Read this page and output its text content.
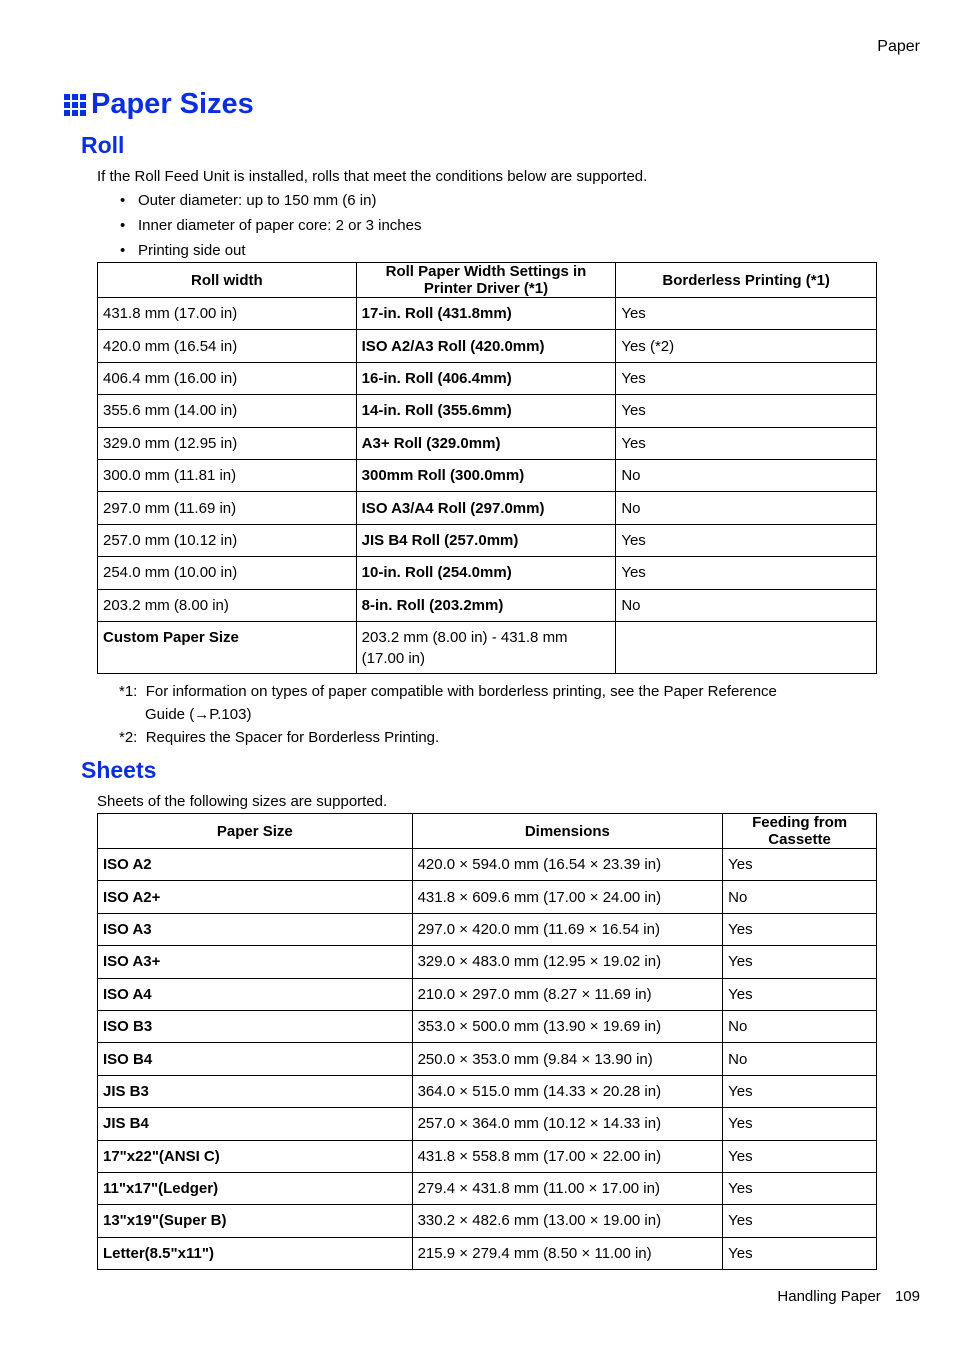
Paper
Paper Sizes
Roll
If the Roll Feed Unit is installed, rolls that meet the conditions below are supported.
• Outer diameter: up to 150 mm (6 in)
• Inner diameter of paper core: 2 or 3 inches
• Printing side out
Roll width	Roll Paper Width Settings in Printer Driver (*1)	Borderless Printing (*1)
431.8 mm (17.00 in)	17-in. Roll (431.8mm)	Yes
420.0 mm (16.54 in)	ISO A2/A3 Roll (420.0mm)	Yes (*2)
406.4 mm (16.00 in)	16-in. Roll (406.4mm)	Yes
355.6 mm (14.00 in)	14-in. Roll (355.6mm)	Yes
329.0 mm (12.95 in)	A3+ Roll (329.0mm)	Yes
300.0 mm (11.81 in)	300mm Roll (300.0mm)	No
297.0 mm (11.69 in)	ISO A3/A4 Roll (297.0mm)	No
257.0 mm (10.12 in)	JIS B4 Roll (257.0mm)	Yes
254.0 mm (10.00 in)	10-in. Roll (254.0mm)	Yes
203.2 mm (8.00 in)	8-in. Roll (203.2mm)	No
Custom Paper Size	203.2 mm (8.00 in) - 431.8 mm (17.00 in)	
*1: For information on types of paper compatible with borderless printing, see the Paper Reference
Guide (→P.103)
*2: Requires the Spacer for Borderless Printing.
Sheets
Sheets of the following sizes are supported.
Paper Size	Dimensions	Feeding from Cassette
ISO A2	420.0 × 594.0 mm (16.54 × 23.39 in)	Yes
ISO A2+	431.8 × 609.6 mm (17.00 × 24.00 in)	No
ISO A3	297.0 × 420.0 mm (11.69 × 16.54 in)	Yes
ISO A3+	329.0 × 483.0 mm (12.95 × 19.02 in)	Yes
ISO A4	210.0 × 297.0 mm (8.27 × 11.69 in)	Yes
ISO B3	353.0 × 500.0 mm (13.90 × 19.69 in)	No
ISO B4	250.0 × 353.0 mm (9.84 × 13.90 in)	No
JIS B3	364.0 × 515.0 mm (14.33 × 20.28 in)	Yes
JIS B4	257.0 × 364.0 mm (10.12 × 14.33 in)	Yes
17"x22"(ANSI C)	431.8 × 558.8 mm (17.00 × 22.00 in)	Yes
11"x17"(Ledger)	279.4 × 431.8 mm (11.00 × 17.00 in)	Yes
13"x19"(Super B)	330.2 × 482.6 mm (13.00 × 19.00 in)	Yes
Letter(8.5"x11")	215.9 × 279.4 mm (8.50 × 11.00 in)	Yes
Handling Paper 109
